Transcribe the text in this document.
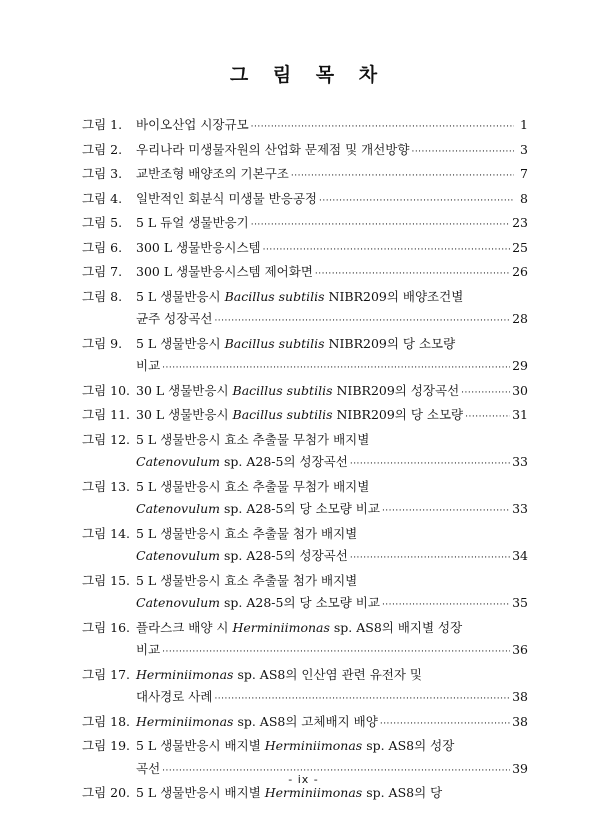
그 림 목 차
그림 1.	바이오산업 시장규모 ·····	1
그림 2.	우리나라 미생물자원의 산업화 문제점 및 개선방향 ·····	3
그림 3.	교반조형 배양조의 기본구조 ·····	7
그림 4.	일반적인 회분식 미생물 반응공정 ·····	8
그림 5.	5 L 듀얼 생물반응기 ·····	23
그림 6.	300 L 생물반응시스템 ·····	25
그림 7.	300 L 생물반응시스템 제어화면 ·····	26
그림 8.	5 L 생물반응시 Bacillus subtilis NIBR209의 배양조건별
균주 성장곡선 ·····	28
그림 9.	5 L 생물반응시 Bacillus subtilis NIBR209의 당 소모량
비교 ·····	29
그림 10. 30 L 생물반응시 Bacillus subtilis NIBR209의 성장곡선 ·····	30
그림 11. 30 L 생물반응시 Bacillus subtilis NIBR209의 당 소모량 ·····	31
그림 12. 5 L 생물반응시 효소 추출물 무첨가 배지별
Catenovulum sp. A28-5의 성장곡선 ·····	33
그림 13. 5 L 생물반응시 효소 추출물 무첨가 배지별
Catenovulum sp. A28-5의 당 소모량 비교 ·····	33
그림 14. 5 L 생물반응시 효소 추출물 첨가 배지별
Catenovulum sp. A28-5의 성장곡선 ·····	34
그림 15. 5 L 생물반응시 효소 추출물 첨가 배지별
Catenovulum sp. A28-5의 당 소모량 비교 ·····	35
그림 16. 플라스크 배양 시 Herminiimonas sp. AS8의 배지별 성장
비교 ·····	36
그림 17. Herminiimonas sp. AS8의 인산염 관련 유전자 및
대사경로 사례 ·····	38
그림 18. Herminiimonas sp. AS8의 고체배지 배양 ·····	38
그림 19. 5 L 생물반응시 배지별 Herminiimonas sp. AS8의 성장
곡선 ·····	39
그림 20. 5 L 생물반응시 배지별 Herminiimonas sp. AS8의 당

- ix -
